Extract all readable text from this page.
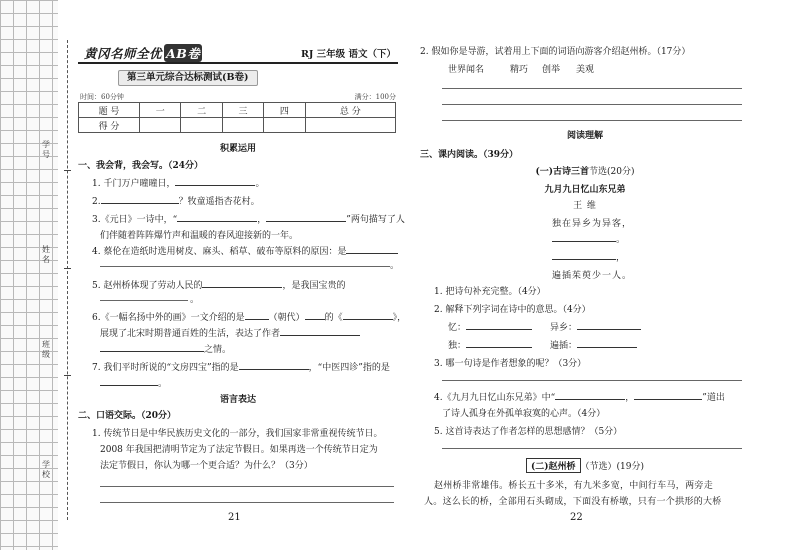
学号
姓名
班级
学校
黄冈名师全优 AB卷	RJ 三年级 语文（下）
第三单元综合达标测试(B卷)
时间：60分钟	满分：100分
题 号	一	二	三	四	总 分
得 分					
积累运用
一、我会背，我会写。（24分）
1. 千门万户曈曈日，	。
2.	？牧童遥指杏花村。
3.《元日》一诗中，“	，	”两句描写了人
们伴随着阵阵爆竹声和温暖的春风迎接新的一年。
4. 蔡伦在造纸时选用树皮、麻头、稻草、破布等原料的原因：是
。
5. 赵州桥体现了劳动人民的	，是我国宝贵的
。
6.《一幅名扬中外的画》一文介绍的是	（朝代） 的《	》，
展现了北宋时期普通百姓的生活，表达了作者
之情。
7. 我们平时所说的“文房四宝”指的是	，“中医四诊”指的是
。
语言表达
二、口语交际。（20分）
1. 传统节日是中华民族历史文化的一部分，我们国家非常重视传统节日。
2008 年我国把清明节定为了法定节假日。如果再选一个传统节日定为
法定节假日，你认为哪一个更合适？为什么？（3分）
21
2. 假如你是导游，试着用上下面的词语向游客介绍赵州桥。（17分）
世界闻名	精巧 创举 美观
阅读理解
三、课内阅读。（39分）
(一)古诗三首节选(20分)
九月九日忆山东兄弟
王 维
独在异乡为异客，
。
，
遍插茱萸少一人。
1. 把诗句补充完整。（4分）
2. 解释下列字词在诗中的意思。（4分）
忆：	异乡：
独：	遍插：
3. 哪一句诗是作者想象的呢？（3分）
4.《九月九日忆山东兄弟》中“	，	”道出
了诗人孤身在外孤单寂寞的心声。（4分）
5. 这首诗表达了作者怎样的思想感情？（5分）
(二)赵州桥 （节选）(19分)
赵州桥非常雄伟。桥长五十多米，有九米多宽，中间行车马，两旁走
人。这么长的桥，全部用石头砌成，下面没有桥墩，只有一个拱形的大桥
22
